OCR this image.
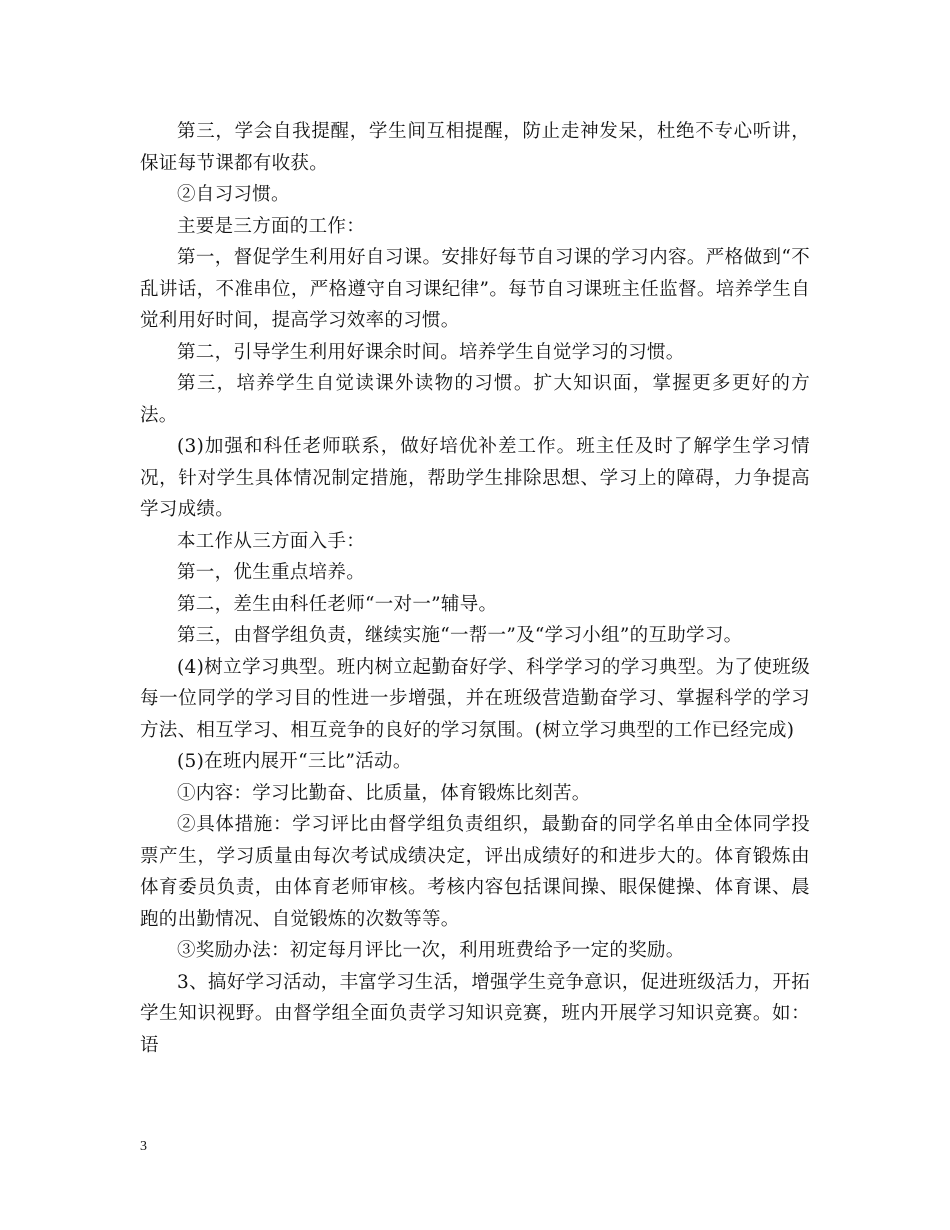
第三，学会自我提醒，学生间互相提醒，防止走神发呆，杜绝不专心听讲，保证每节课都有收获。

②自习习惯。

主要是三方面的工作：

第一，督促学生利用好自习课。安排好每节自习课的学习内容。严格做到“不乱讲话，不准串位，严格遵守自习课纪律”。每节自习课班主任监督。培养学生自觉利用好时间，提高学习效率的习惯。

第二，引导学生利用好课余时间。培养学生自觉学习的习惯。

第三，培养学生自觉读课外读物的习惯。扩大知识面，掌握更多更好的方法。

(3)加强和科任老师联系，做好培优补差工作。班主任及时了解学生学习情况，针对学生具体情况制定措施，帮助学生排除思想、学习上的障碍，力争提高学习成绩。

本工作从三方面入手：

第一，优生重点培养。

第二，差生由科任老师“一对一”辅导。

第三，由督学组负责，继续实施“一帮一”及“学习小组”的互助学习。

(4)树立学习典型。班内树立起勤奋好学、科学学习的学习典型。为了使班级每一位同学的学习目的性进一步增强，并在班级营造勤奋学习、掌握科学的学习方法、相互学习、相互竞争的良好的学习氛围。(树立学习典型的工作已经完成)

(5)在班内展开“三比”活动。

①内容：学习比勤奋、比质量，体育锻炼比刻苦。

②具体措施：学习评比由督学组负责组织，最勤奋的同学名单由全体同学投票产生，学习质量由每次考试成绩决定，评出成绩好的和进步大的。体育锻炼由体育委员负责，由体育老师审核。考核内容包括课间操、眼保健操、体育课、晨跑的出勤情况、自觉锻炼的次数等等。

③奖励办法：初定每月评比一次，利用班费给予一定的奖励。

3、搞好学习活动，丰富学习生活，增强学生竞争意识，促进班级活力，开拓学生知识视野。由督学组全面负责学习知识竞赛，班内开展学习知识竞赛。如：语

3
